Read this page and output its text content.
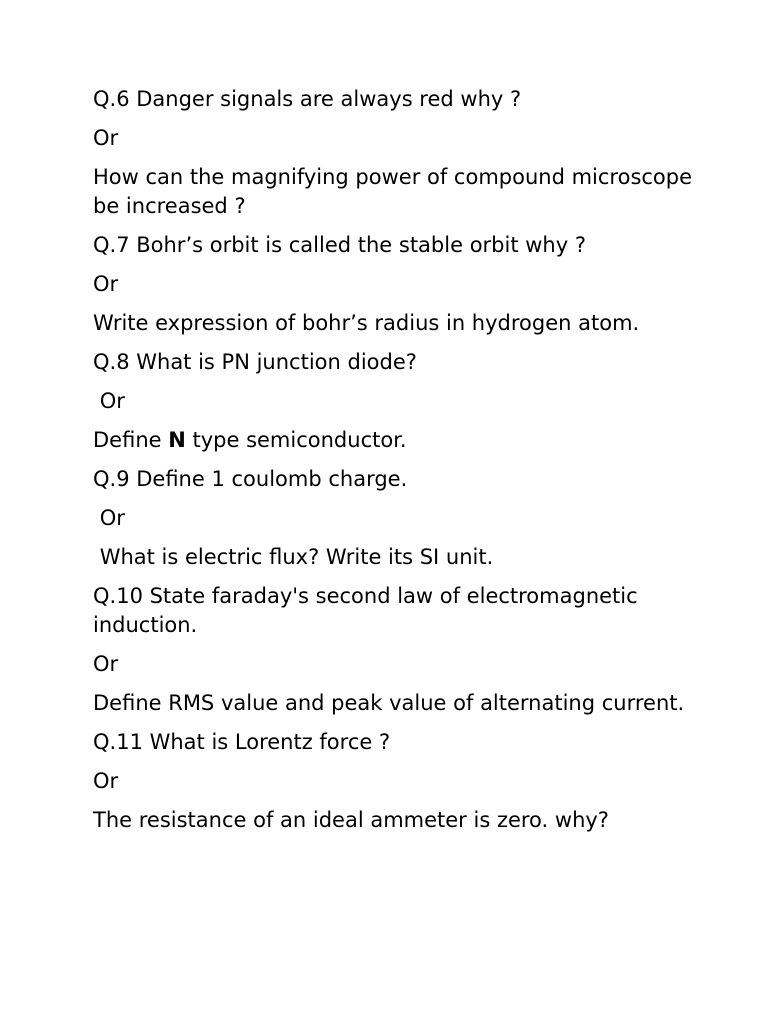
Q.6 Danger signals are always red why ?

Or

How can the magnifying power of compound microscope be increased ?

Q.7 Bohr’s orbit is called the stable orbit why ?

Or

Write expression of bohr’s radius in hydrogen atom.

Q.8 What is PN junction diode?

Or

Define N type semiconductor.

Q.9 Define 1 coulomb charge.

Or

What is electric flux? Write its SI unit.

Q.10 State faraday's second law of electromagnetic induction.

Or

Define RMS value and peak value of alternating current.

Q.11 What is Lorentz force ?

Or

The resistance of an ideal ammeter is zero. why?
